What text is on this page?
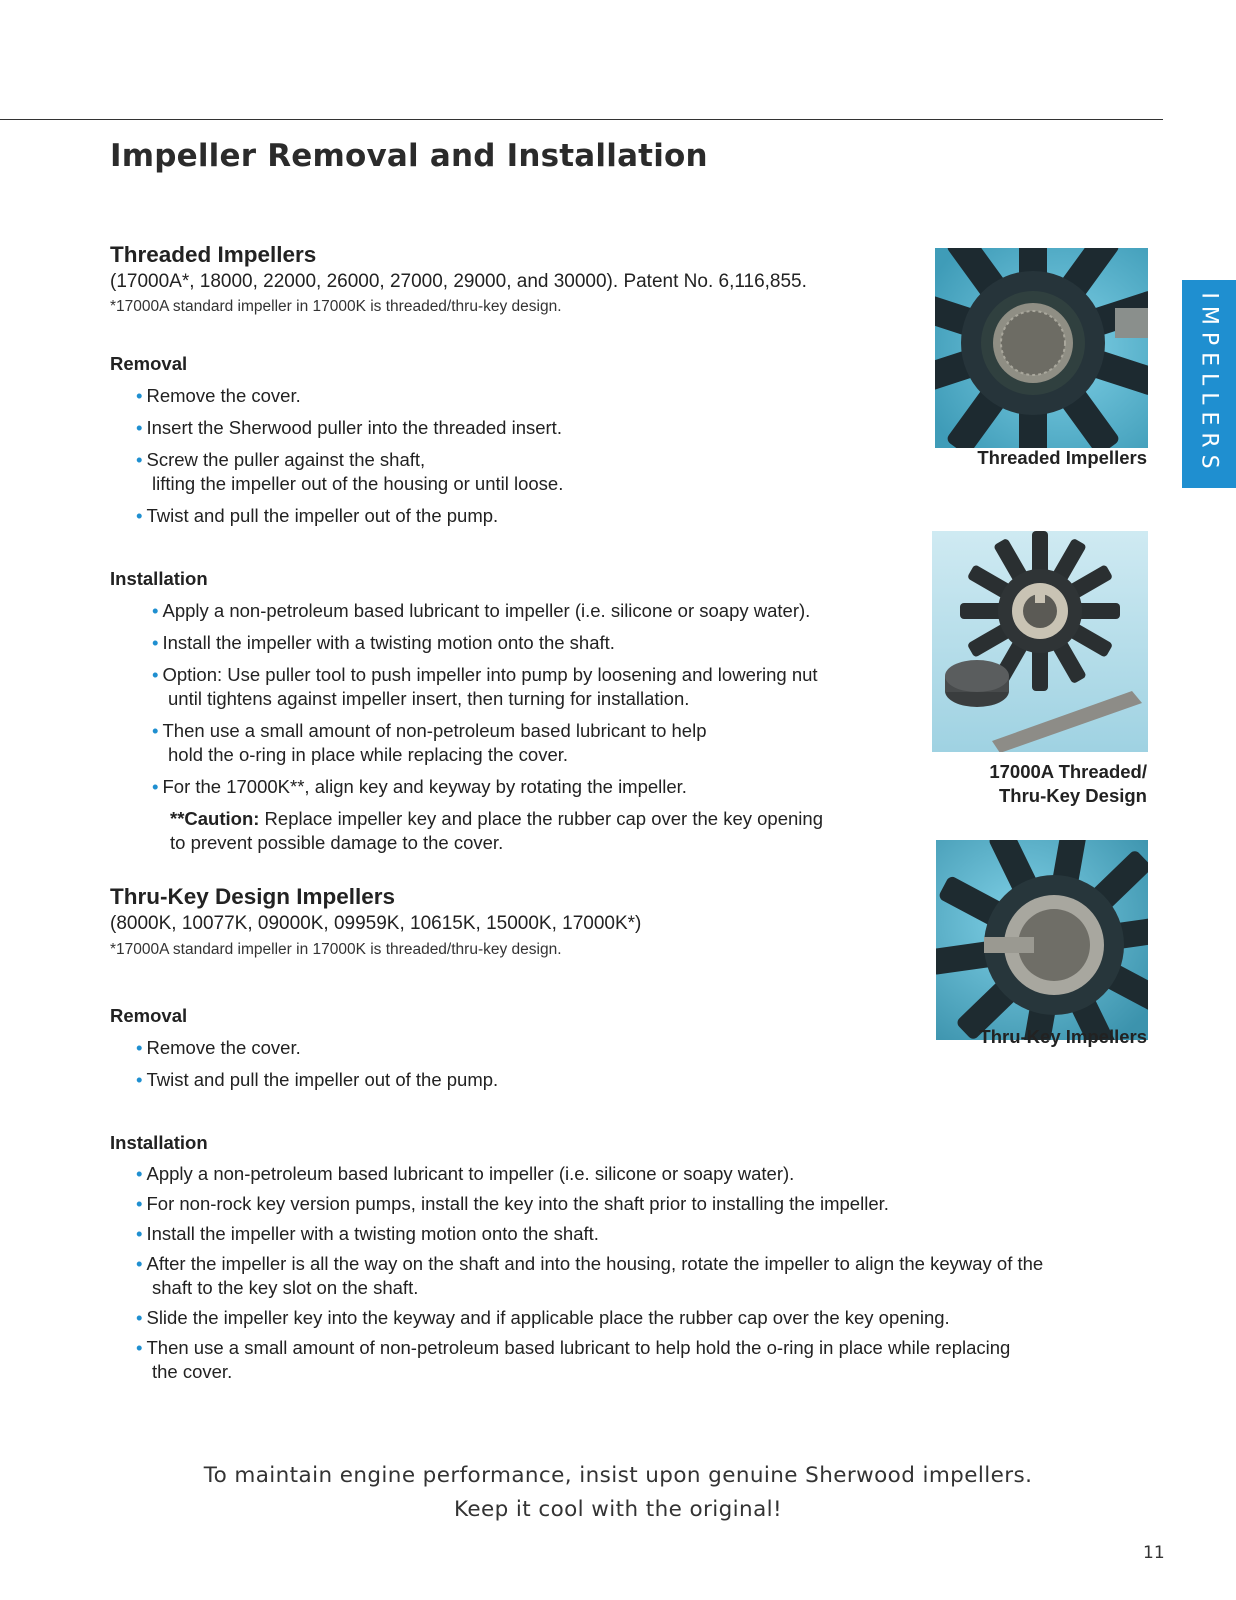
Impeller Removal and Installation
IMPELLERS
Threaded Impellers
(17000A*, 18000, 22000, 26000, 27000, 29000, and 30000). Patent No. 6,116,855.
*17000A standard impeller in 17000K is threaded/thru-key design.
Removal
• Remove the cover.
• Insert the Sherwood puller into the threaded insert.
• Screw the puller against the shaft,
lifting the impeller out of the housing or until loose.
• Twist and pull the impeller out of the pump.
Installation
• Apply a non-petroleum based lubricant to impeller (i.e. silicone or soapy water).
• Install the impeller with a twisting motion onto the shaft.
• Option: Use puller tool to push impeller into pump by loosening and lowering nut
until tightens against impeller insert, then turning for installation.
• Then use a small amount of non-petroleum based lubricant to help
hold the o-ring in place while replacing the cover.
• For the 17000K**, align key and keyway by rotating the impeller.
**Caution: Replace impeller key and place the rubber cap over the key opening
to prevent possible damage to the cover.
Thru-Key Design Impellers
(8000K, 10077K, 09000K, 09959K, 10615K, 15000K, 17000K*)
*17000A standard impeller in 17000K is threaded/thru-key design.
Removal
• Remove the cover.
• Twist and pull the impeller out of the pump.
Installation
• Apply a non-petroleum based lubricant to impeller (i.e. silicone or soapy water).
• For non-rock key version pumps, install the key into the shaft prior to installing the impeller.
• Install the impeller with a twisting motion onto the shaft.
• After the impeller is all the way on the shaft and into the housing, rotate the impeller to align the keyway of the
shaft to the key slot on the shaft.
• Slide the impeller key into the keyway and if applicable place the rubber cap over the key opening.
• Then use a small amount of non-petroleum based lubricant to help hold the o-ring in place while replacing
the cover.
Threaded Impellers
17000A Threaded/
Thru-Key Design
Thru-Key Impellers
To maintain engine performance, insist upon genuine Sherwood impellers.
Keep it cool with the original!
11
